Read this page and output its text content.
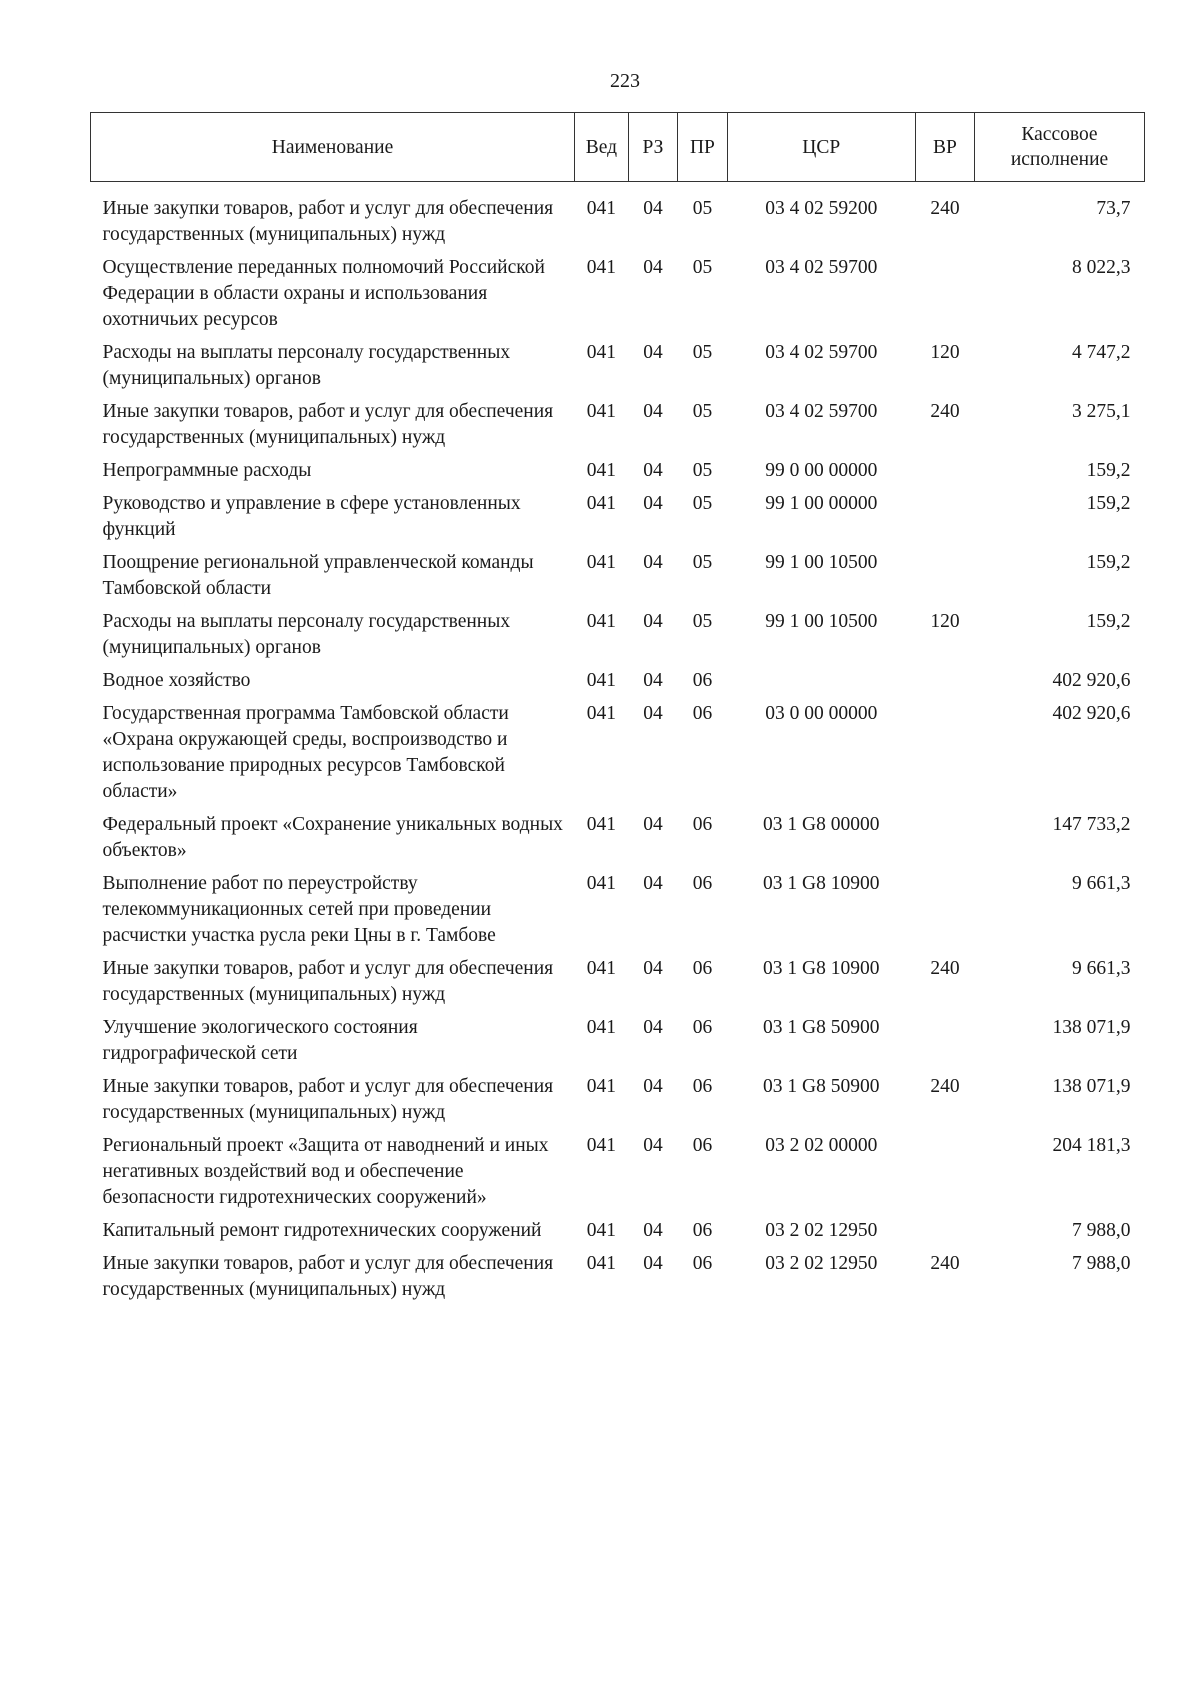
223
Наименование	Вед	РЗ	ПР	ЦСР	ВР	Кассовое исполнение
Иные закупки товаров, работ и услуг для обеспечения государственных (муниципальных) нужд	041	04	05	03 4 02 59200	240	73,7
Осуществление переданных полномочий Российской Федерации в области охраны и использования охотничьих ресурсов	041	04	05	03 4 02 59700		8 022,3
Расходы на выплаты персоналу государственных (муниципальных) органов	041	04	05	03 4 02 59700	120	4 747,2
Иные закупки товаров, работ и услуг для обеспечения государственных (муниципальных) нужд	041	04	05	03 4 02 59700	240	3 275,1
Непрограммные расходы	041	04	05	99 0 00 00000		159,2
Руководство и управление в сфере установленных функций	041	04	05	99 1 00 00000		159,2
Поощрение региональной управленческой команды Тамбовской области	041	04	05	99 1 00 10500		159,2
Расходы на выплаты персоналу государственных (муниципальных) органов	041	04	05	99 1 00 10500	120	159,2
Водное хозяйство	041	04	06			402 920,6
Государственная программа Тамбовской области «Охрана окружающей среды, воспроизводство и использование природных ресурсов Тамбовской области»	041	04	06	03 0 00 00000		402 920,6
Федеральный проект «Сохранение уникальных водных объектов»	041	04	06	03 1 G8 00000		147 733,2
Выполнение работ по переустройству телекоммуникационных сетей при проведении расчистки участка русла реки Цны в г. Тамбове	041	04	06	03 1 G8 10900		9 661,3
Иные закупки товаров, работ и услуг для обеспечения государственных (муниципальных) нужд	041	04	06	03 1 G8 10900	240	9 661,3
Улучшение экологического состояния гидрографической сети	041	04	06	03 1 G8 50900		138 071,9
Иные закупки товаров, работ и услуг для обеспечения государственных (муниципальных) нужд	041	04	06	03 1 G8 50900	240	138 071,9
Региональный проект «Защита от наводнений и иных негативных воздействий вод и обеспечение безопасности гидротехнических сооружений»	041	04	06	03 2 02 00000		204 181,3
Капитальный ремонт гидротехнических сооружений	041	04	06	03 2 02 12950		7 988,0
Иные закупки товаров, работ и услуг для обеспечения государственных (муниципальных) нужд	041	04	06	03 2 02 12950	240	7 988,0
